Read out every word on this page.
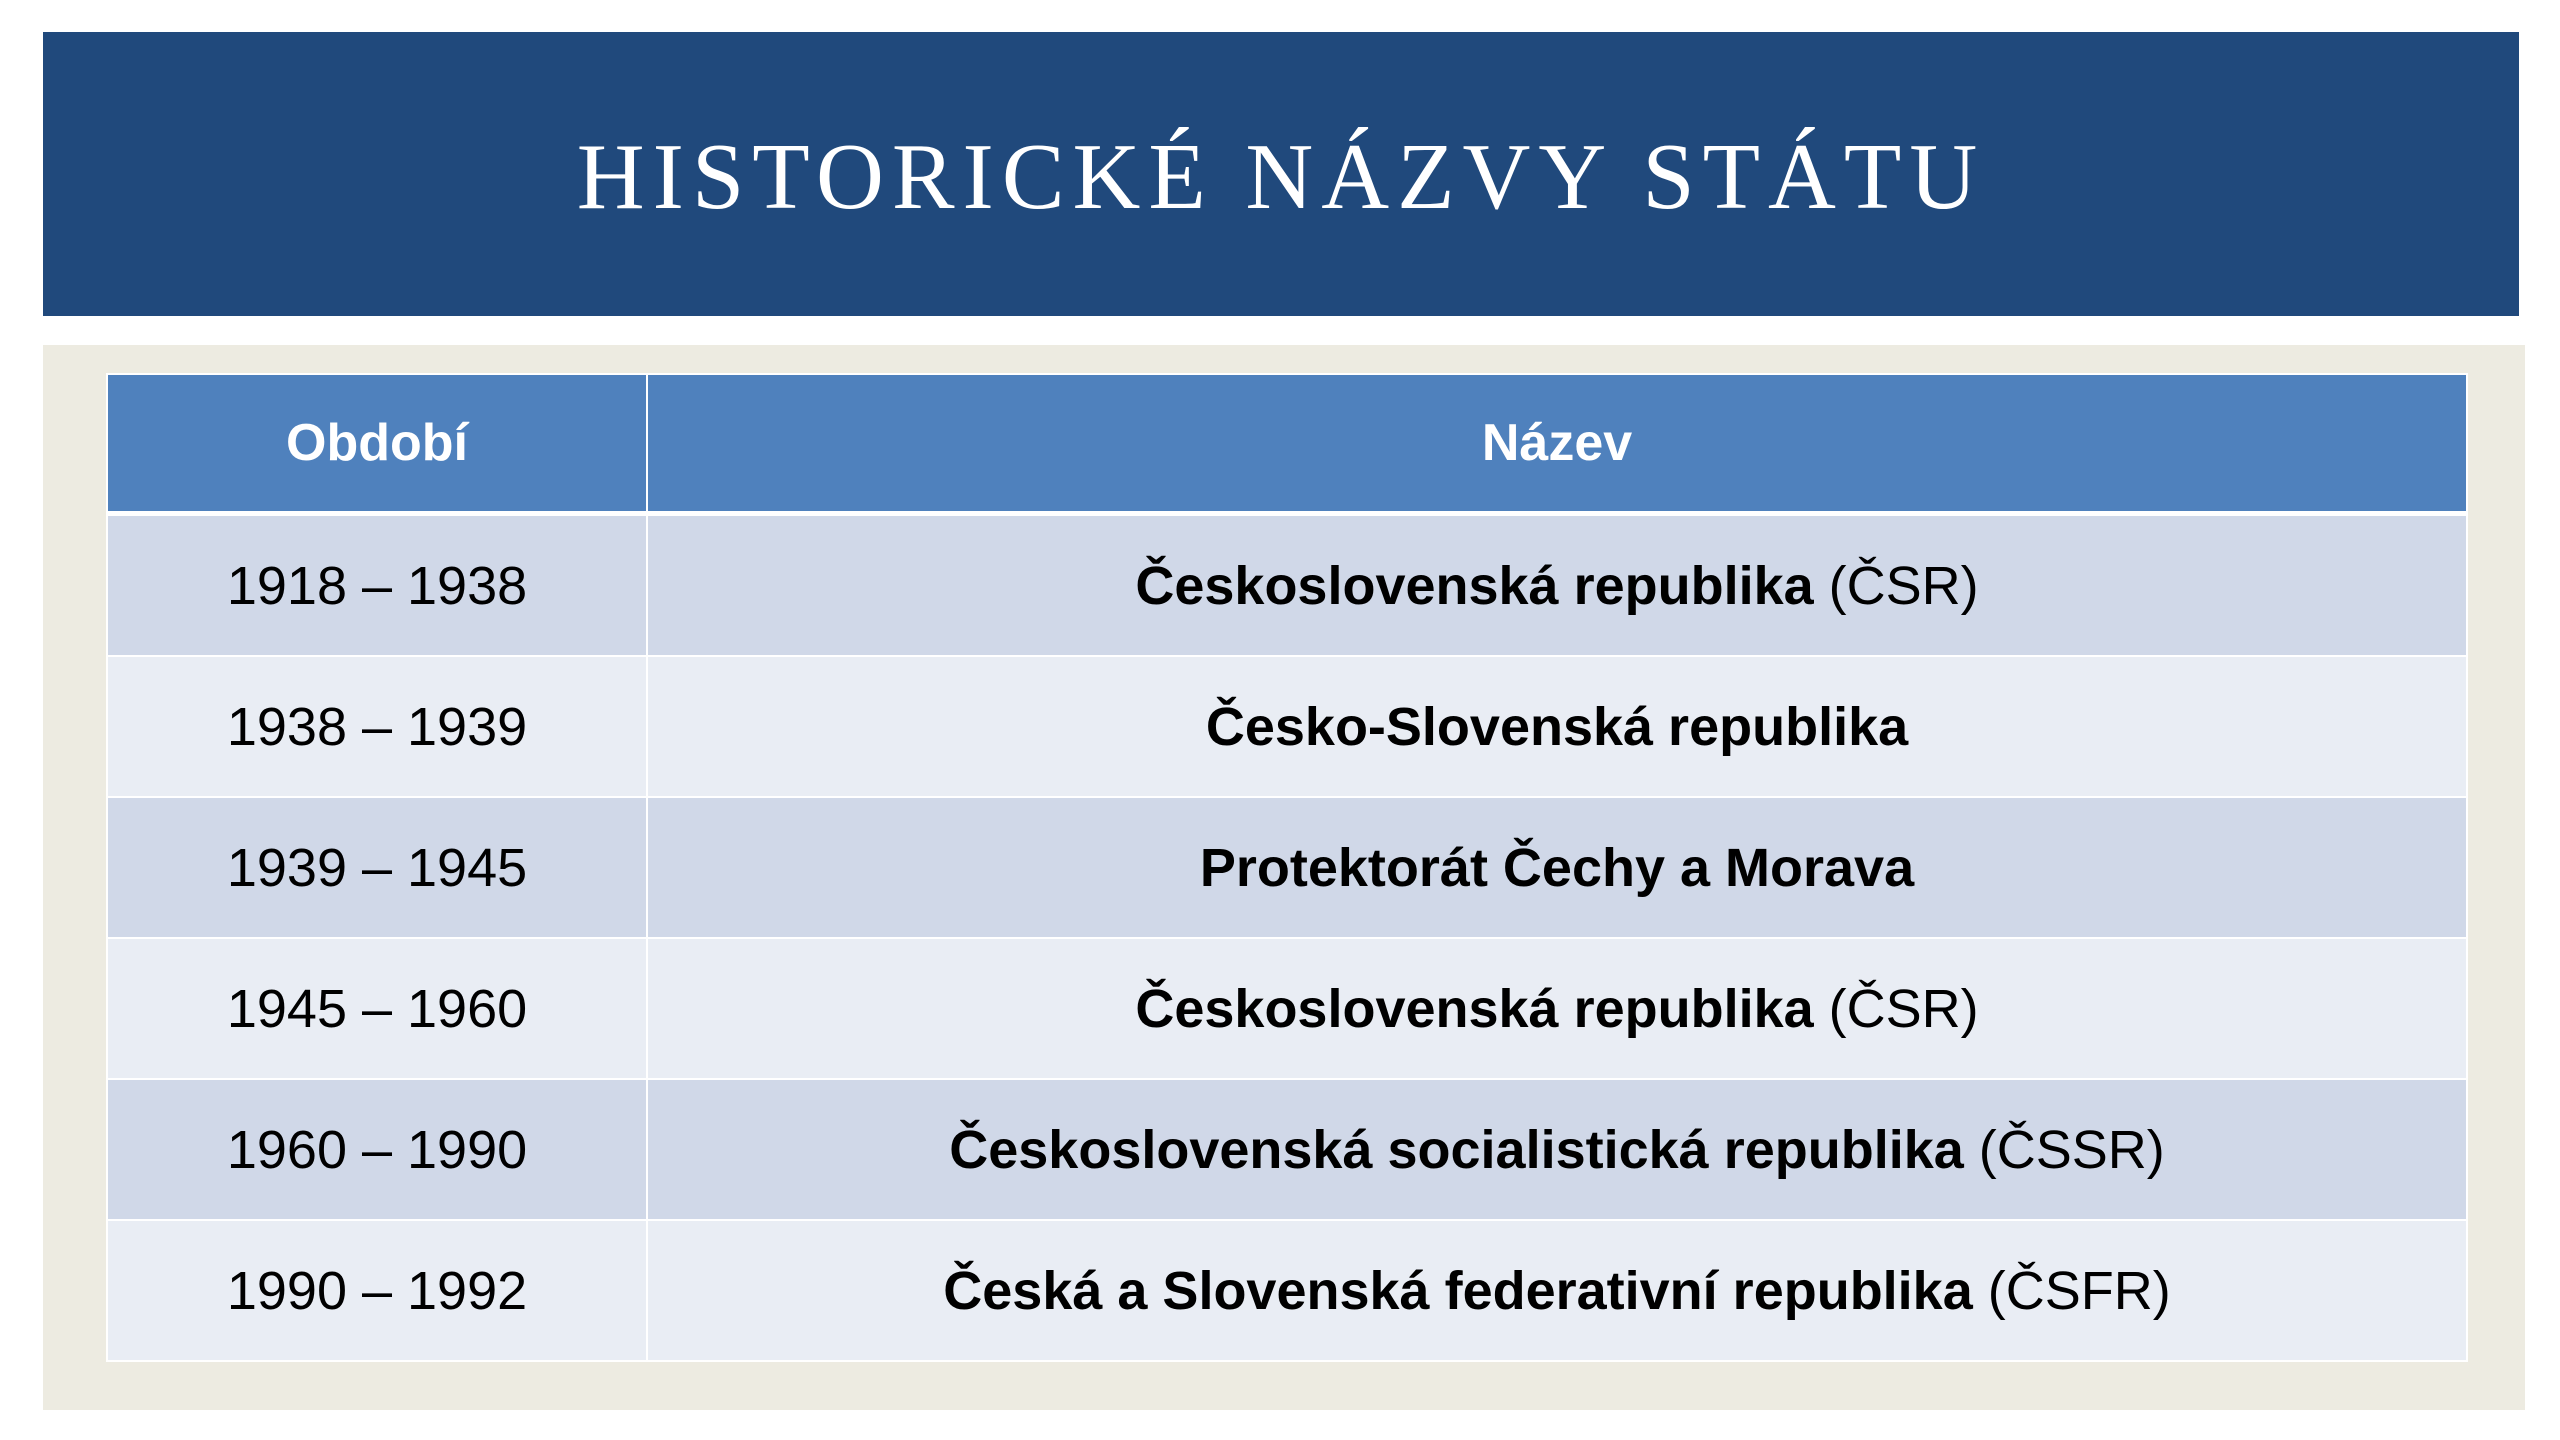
HISTORICKÉ NÁZVY STÁTU
Období	Název
1918 – 1938	Československá republika (ČSR)
1938 – 1939	Česko-Slovenská republika
1939 – 1945	Protektorát Čechy a Morava
1945 – 1960	Československá republika (ČSR)
1960 – 1990	Československá socialistická republika (ČSSR)
1990 – 1992	Česká a Slovenská federativní republika (ČSFR)
